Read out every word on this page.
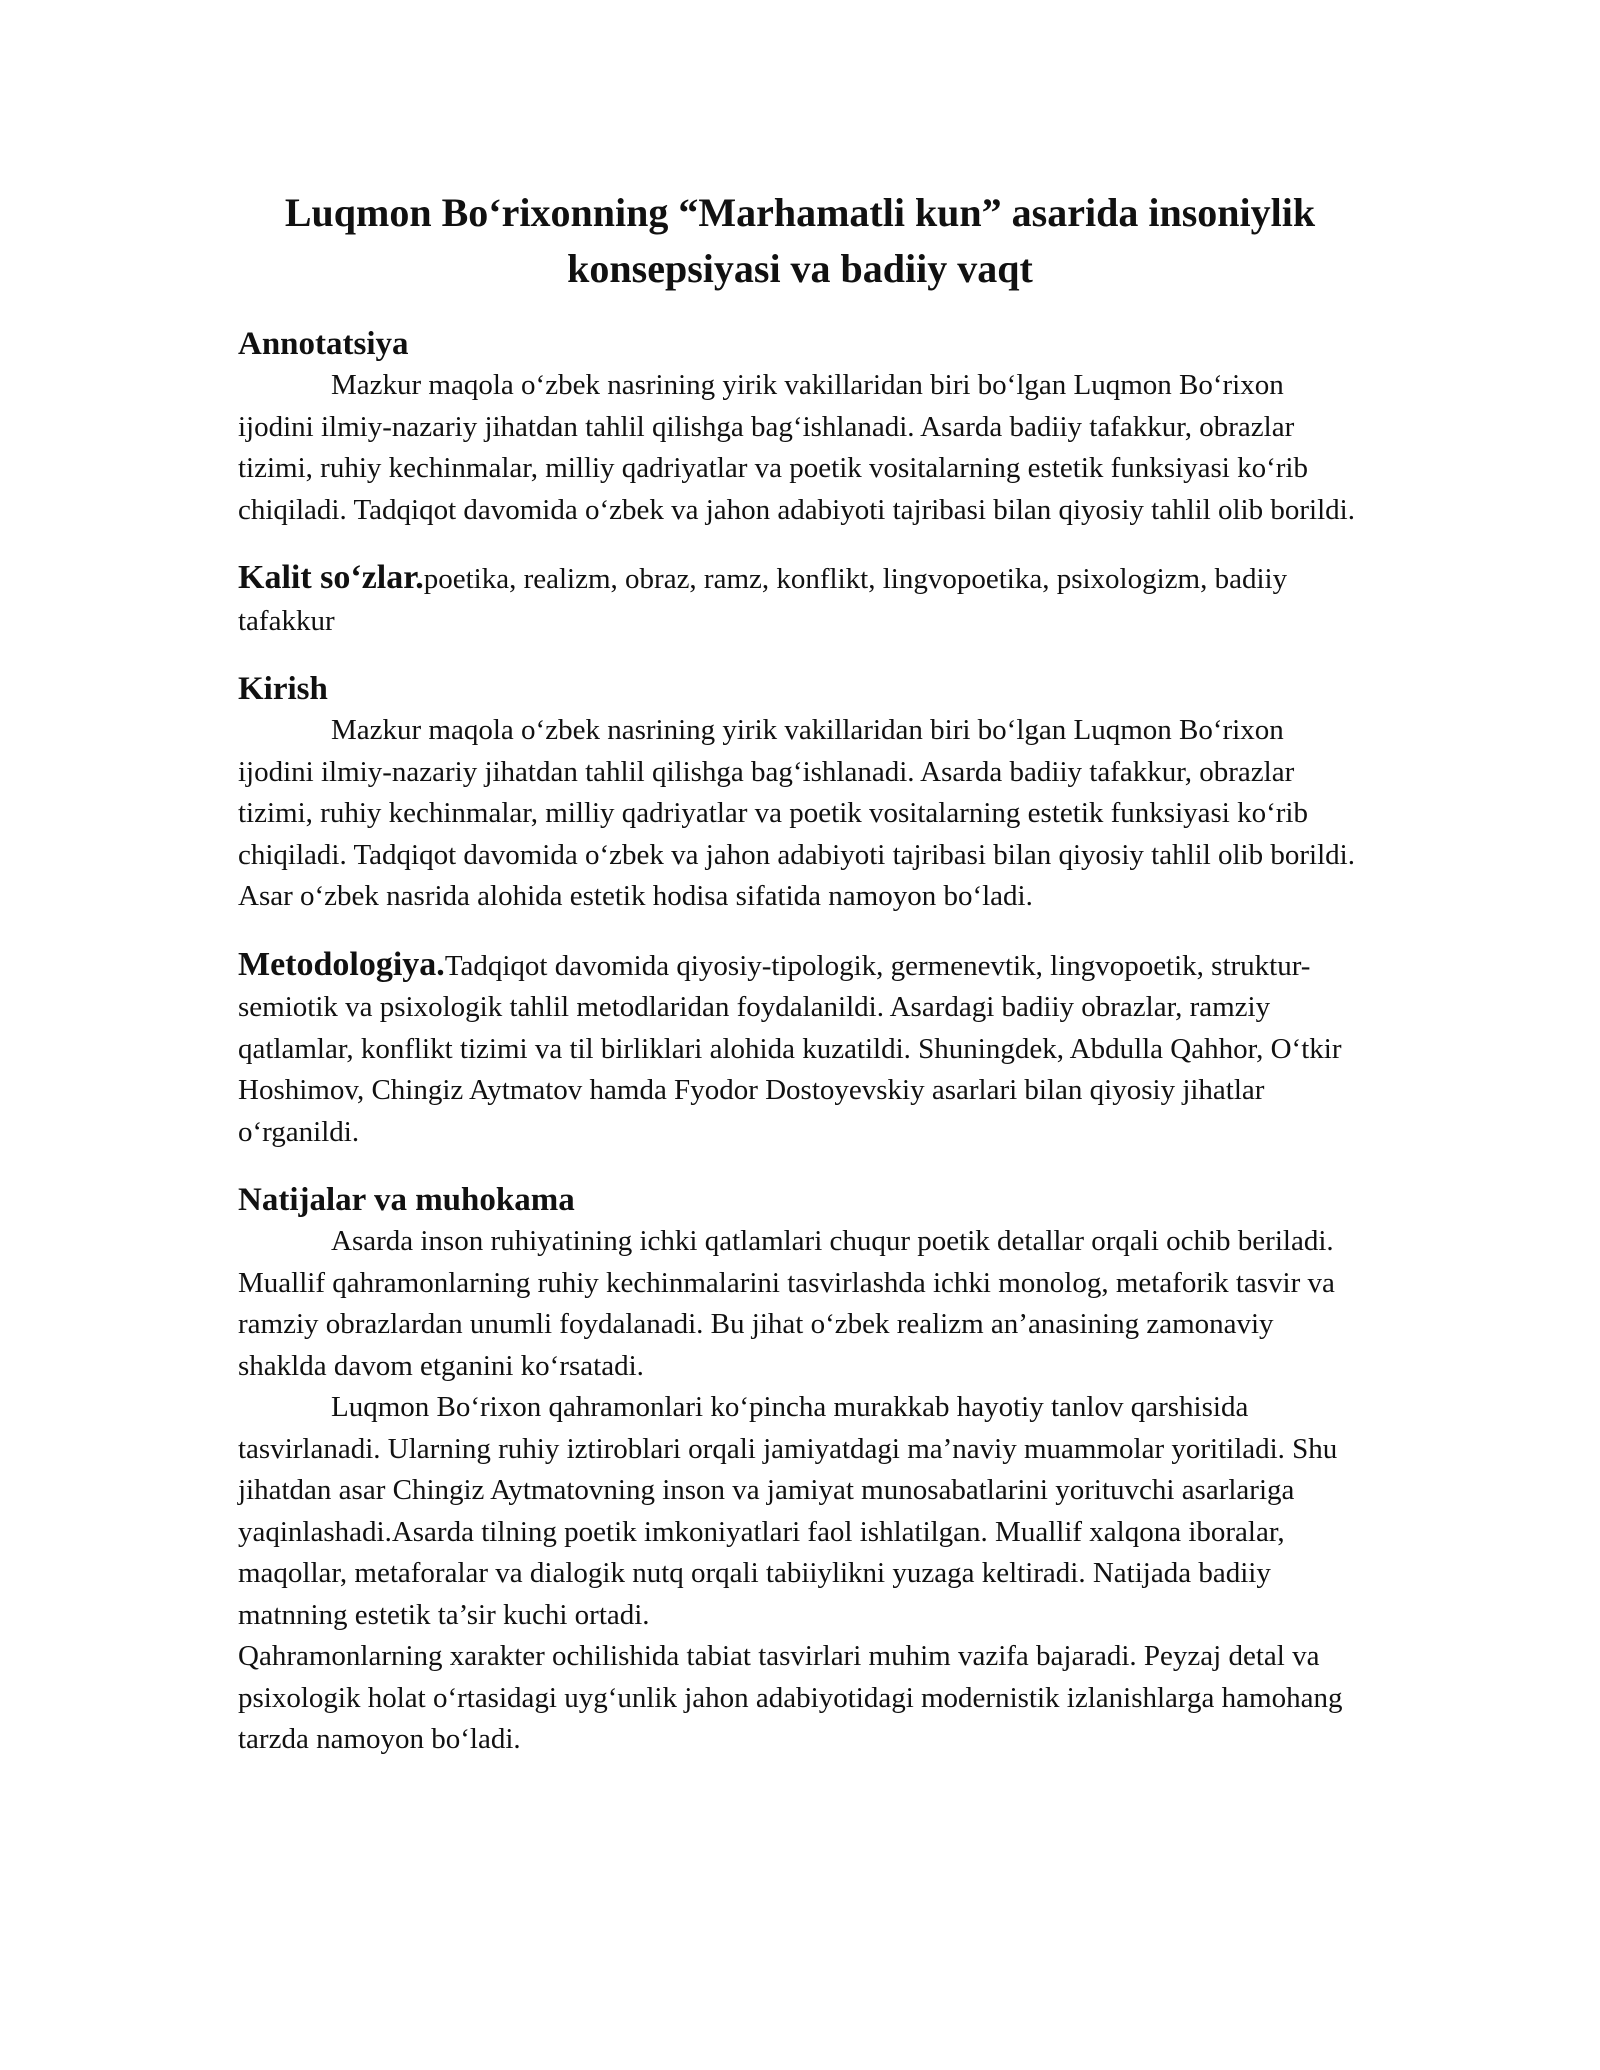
Luqmon Bo‘rixonning “Marhamatli kun” asarida insoniylik konsepsiyasi va badiiy vaqt
Annotatsiya

Mazkur maqola o‘zbek nasrining yirik vakillaridan biri bo‘lgan Luqmon Bo‘rixon ijodini ilmiy-nazariy jihatdan tahlil qilishga bag‘ishlanadi. Asarda badiiy tafakkur, obrazlar tizimi, ruhiy kechinmalar, milliy qadriyatlar va poetik vositalarning estetik funksiyasi ko‘rib chiqiladi. Tadqiqot davomida o‘zbek va jahon adabiyoti tajribasi bilan qiyosiy tahlil olib borildi.

Kalit so‘zlar.poetika, realizm, obraz, ramz, konflikt, lingvopoetika, psixologizm, badiiy tafakkur

Kirish

Mazkur maqola o‘zbek nasrining yirik vakillaridan biri bo‘lgan Luqmon Bo‘rixon ijodini ilmiy-nazariy jihatdan tahlil qilishga bag‘ishlanadi. Asarda badiiy tafakkur, obrazlar tizimi, ruhiy kechinmalar, milliy qadriyatlar va poetik vositalarning estetik funksiyasi ko‘rib chiqiladi. Tadqiqot davomida o‘zbek va jahon adabiyoti tajribasi bilan qiyosiy tahlil olib borildi. Asar o‘zbek nasrida alohida estetik hodisa sifatida namoyon bo‘ladi.

Metodologiya.Tadqiqot davomida qiyosiy-tipologik, germenevtik, lingvopoetik, struktur-semiotik va psixologik tahlil metodlaridan foydalanildi. Asardagi badiiy obrazlar, ramziy qatlamlar, konflikt tizimi va til birliklari alohida kuzatildi. Shuningdek, Abdulla Qahhor, O‘tkir Hoshimov, Chingiz Aytmatov hamda Fyodor Dostoyevskiy asarlari bilan qiyosiy jihatlar o‘rganildi.

Natijalar va muhokama

Asarda inson ruhiyatining ichki qatlamlari chuqur poetik detallar orqali ochib beriladi. Muallif qahramonlarning ruhiy kechinmalarini tasvirlashda ichki monolog, metaforik tasvir va ramziy obrazlardan unumli foydalanadi. Bu jihat o‘zbek realizm an’anasining zamonaviy shaklda davom etganini ko‘rsatadi.

Luqmon Bo‘rixon qahramonlari ko‘pincha murakkab hayotiy tanlov qarshisida tasvirlanadi. Ularning ruhiy iztiroblari orqali jamiyatdagi ma’naviy muammolar yoritiladi. Shu jihatdan asar Chingiz Aytmatovning inson va jamiyat munosabatlarini yorituvchi asarlariga yaqinlashadi.Asarda tilning poetik imkoniyatlari faol ishlatilgan. Muallif xalqona iboralar, maqollar, metaforalar va dialogik nutq orqali tabiiylikni yuzaga keltiradi. Natijada badiiy matnning estetik ta’sir kuchi ortadi.

Qahramonlarning xarakter ochilishida tabiat tasvirlari muhim vazifa bajaradi. Peyzaj detal va psixologik holat o‘rtasidagi uyg‘unlik jahon adabiyotidagi modernistik izlanishlarga hamohang tarzda namoyon bo‘ladi.
